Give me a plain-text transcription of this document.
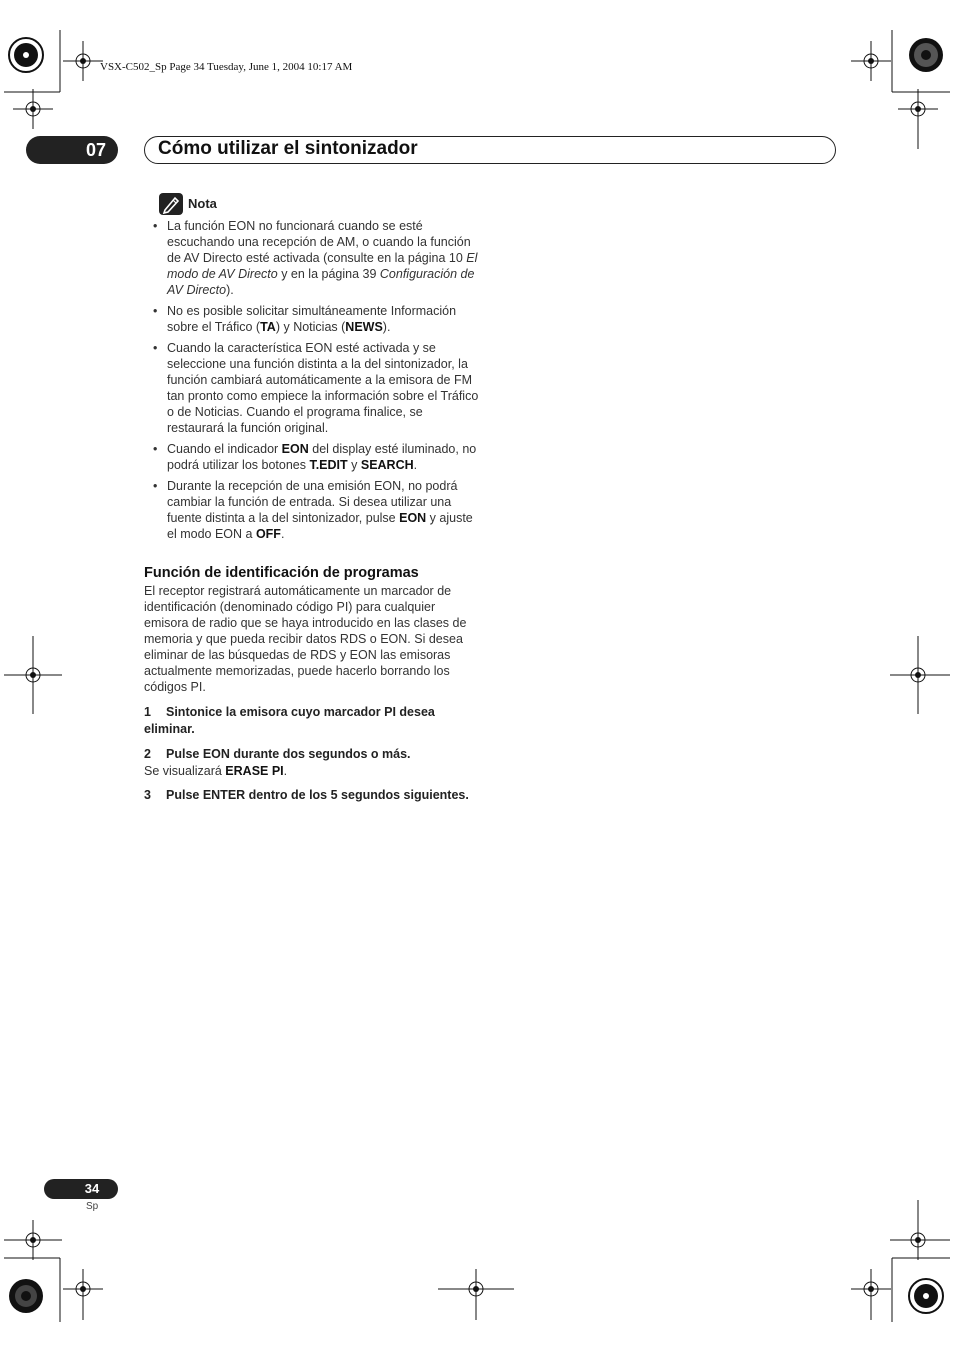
VSX-C502_Sp Page 34 Tuesday, June 1, 2004 10:17 AM
07	Cómo utilizar el sintonizador
Nota
• La función EON no funcionará cuando se esté escuchando una recepción de AM, o cuando la función de AV Directo esté activada (consulte en la página 10 El modo de AV Directo y en la página 39 Configuración de AV Directo).
• No es posible solicitar simultáneamente Información sobre el Tráfico (TA) y Noticias (NEWS).
• Cuando la característica EON esté activada y se seleccione una función distinta a la del sintonizador, la función cambiará automáticamente a la emisora de FM tan pronto como empiece la información sobre el Tráfico o de Noticias. Cuando el programa finalice, se restaurará la función original.
• Cuando el indicador EON del display esté iluminado, no podrá utilizar los botones T.EDIT y SEARCH.
• Durante la recepción de una emisión EON, no podrá cambiar la función de entrada. Si desea utilizar una fuente distinta a la del sintonizador, pulse EON y ajuste el modo EON a OFF.
Función de identificación de programas
El receptor registrará automáticamente un marcador de identificación (denominado código PI) para cualquier emisora de radio que se haya introducido en las clases de memoria y que pueda recibir datos RDS o EON. Si desea eliminar de las búsquedas de RDS y EON las emisoras actualmente memorizadas, puede hacerlo borrando los códigos PI.
1 Sintonice la emisora cuyo marcador PI desea eliminar.
2 Pulse EON durante dos segundos o más.
Se visualizará ERASE PI.
3 Pulse ENTER dentro de los 5 segundos siguientes.
34
Sp
